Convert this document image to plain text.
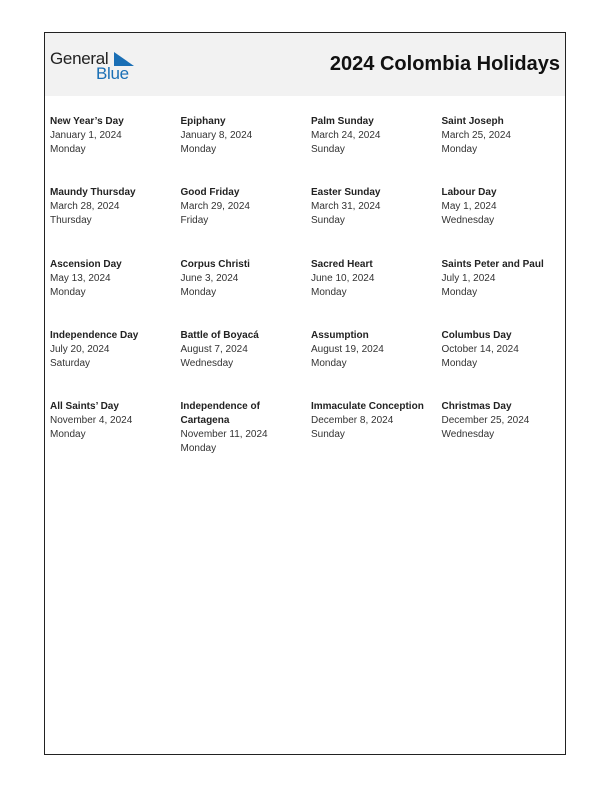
General
Blue	2024 Colombia Holidays
New Year’s Day
January 1, 2024
Monday
Epiphany
January 8, 2024
Monday
Palm Sunday
March 24, 2024
Sunday
Saint Joseph
March 25, 2024
Monday
Maundy Thursday
March 28, 2024
Thursday
Good Friday
March 29, 2024
Friday
Easter Sunday
March 31, 2024
Sunday
Labour Day
May 1, 2024
Wednesday
Ascension Day
May 13, 2024
Monday
Corpus Christi
June 3, 2024
Monday
Sacred Heart
June 10, 2024
Monday
Saints Peter and Paul
July 1, 2024
Monday
Independence Day
July 20, 2024
Saturday
Battle of Boyacá
August 7, 2024
Wednesday
Assumption
August 19, 2024
Monday
Columbus Day
October 14, 2024
Monday
All Saints’ Day
November 4, 2024
Monday
Independence of Cartagena
November 11, 2024
Monday
Immaculate Conception
December 8, 2024
Sunday
Christmas Day
December 25, 2024
Wednesday
